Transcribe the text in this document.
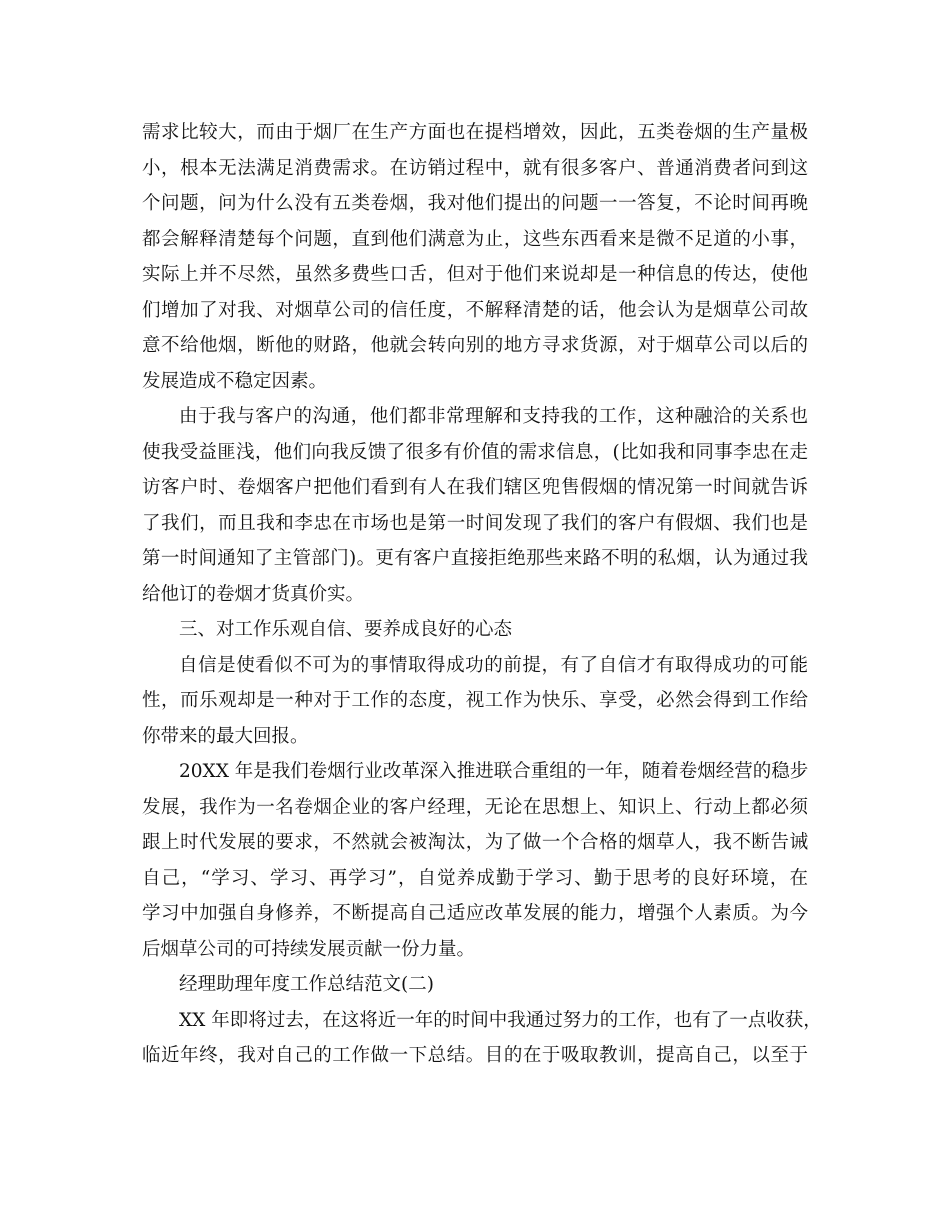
需求比较大，而由于烟厂在生产方面也在提档增效，因此，五类卷烟的生产量极
小，根本无法满足消费需求。在访销过程中，就有很多客户、普通消费者问到这
个问题，问为什么没有五类卷烟，我对他们提出的问题一一答复，不论时间再晚
都会解释清楚每个问题，直到他们满意为止，这些东西看来是微不足道的小事，
实际上并不尽然，虽然多费些口舌，但对于他们来说却是一种信息的传达，使他
们增加了对我、对烟草公司的信任度，不解释清楚的话，他会认为是烟草公司故
意不给他烟，断他的财路，他就会转向别的地方寻求货源，对于烟草公司以后的
发展造成不稳定因素。
由于我与客户的沟通，他们都非常理解和支持我的工作，这种融洽的关系也
使我受益匪浅，他们向我反馈了很多有价值的需求信息，(比如我和同事李忠在走
访客户时、卷烟客户把他们看到有人在我们辖区兜售假烟的情况第一时间就告诉
了我们，而且我和李忠在市场也是第一时间发现了我们的客户有假烟、我们也是
第一时间通知了主管部门)。更有客户直接拒绝那些来路不明的私烟，认为通过我
给他订的卷烟才货真价实。
三、对工作乐观自信、要养成良好的心态
自信是使看似不可为的事情取得成功的前提，有了自信才有取得成功的可能
性，而乐观却是一种对于工作的态度，视工作为快乐、享受，必然会得到工作给
你带来的最大回报。
20XX 年是我们卷烟行业改革深入推进联合重组的一年，随着卷烟经营的稳步
发展，我作为一名卷烟企业的客户经理，无论在思想上、知识上、行动上都必须
跟上时代发展的要求，不然就会被淘汰，为了做一个合格的烟草人，我不断告诫
自己，“学习、学习、再学习”，自觉养成勤于学习、勤于思考的良好环境，在
学习中加强自身修养，不断提高自己适应改革发展的能力，增强个人素质。为今
后烟草公司的可持续发展贡献一份力量。
经理助理年度工作总结范文(二)
XX 年即将过去，在这将近一年的时间中我通过努力的工作，也有了一点收获，
临近年终，我对自己的工作做一下总结。目的在于吸取教训，提高自己，以至于
